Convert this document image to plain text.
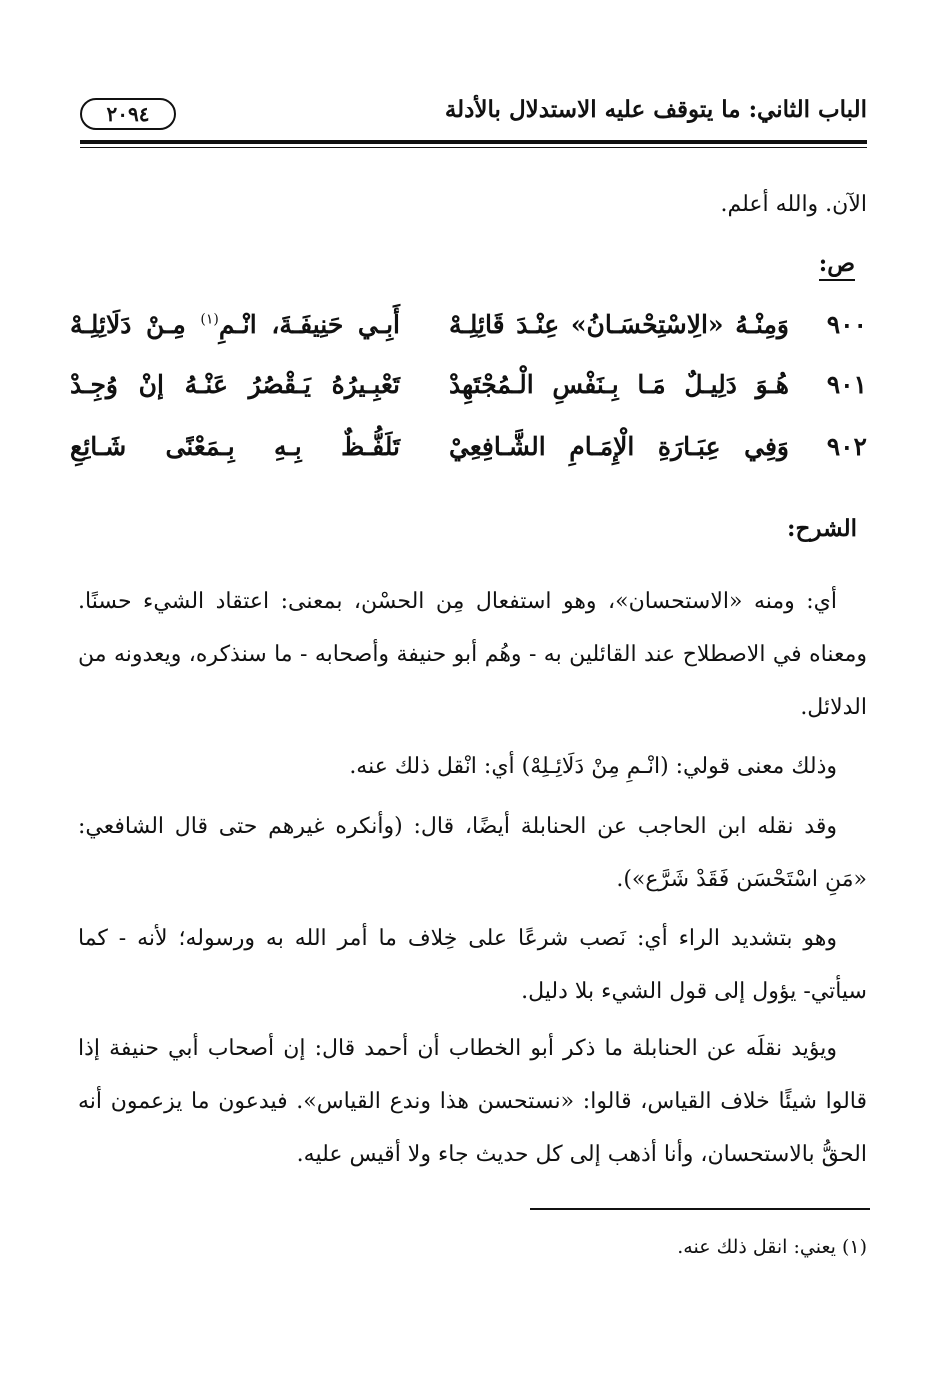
الباب الثاني: ما يتوقف عليه الاستدلال بالأدلة
٢٠٩٤
الآن. والله أعلم.
ص:
٩٠٠
وَمِنْـهُ «الِاسْتِحْسَـانُ» عِنْـدَ قَائِلِـهْ
أَبِـي حَنِيفَـةَ، انْـمِ$^{(١)}$ مِـنْ دَلَائِلِـهْ
٩٠١
هُـوَ دَلِيـلٌ مَـا بِـنَفْسِ الْـمُجْتَهِدْ
تَعْبِـيرُهُ يَـقْصُرُ عَنْـهُ إنْ وُجِـدْ
٩٠٢
وَفِي عِبَـارَةِ الْإِمَـامِ الشَّـافِعِيْ
تَلَفُّـظٌ بِـهِ بِـمَعْنًى شَـائِعِ
الشرح:
أي: ومنه «الاستحسان»، وهو استفعال مِن الحسْن، بمعنى: اعتقاد الشيء حسنًا. ومعناه في الاصطلاح عند القائلين به - وهُم أبو حنيفة وأصحابه - ما سنذكره، ويعدونه من الدلائل.
وذلك معنى قولي: (انْـمِ مِنْ دَلَائِـلِهْ) أي: انْقل ذلك عنه.
وقد نقله ابن الحاجب عن الحنابلة أيضًا، قال: (وأنكره غيرهم حتى قال الشافعي: «مَنِ اسْتَحْسَن فَقَدْ شَرَّع»).
وهو بتشديد الراء أي: نَصب شرعًا على خِلاف ما أمر الله به ورسوله؛ لأنه - كما سيأتي- يؤول إلى قول الشيء بلا دليل.
ويؤيد نقلَه عن الحنابلة ما ذكر أبو الخطاب أن أحمد قال: إن أصحاب أبي حنيفة إذا قالوا شيئًا خلاف القياس، قالوا: «نستحسن هذا وندع القياس». فيدعون ما يزعمون أنه الحقُّ بالاستحسان، وأنا أذهب إلى كل حديث جاء ولا أقيس عليه.
(١) يعني: انقل ذلك عنه.
